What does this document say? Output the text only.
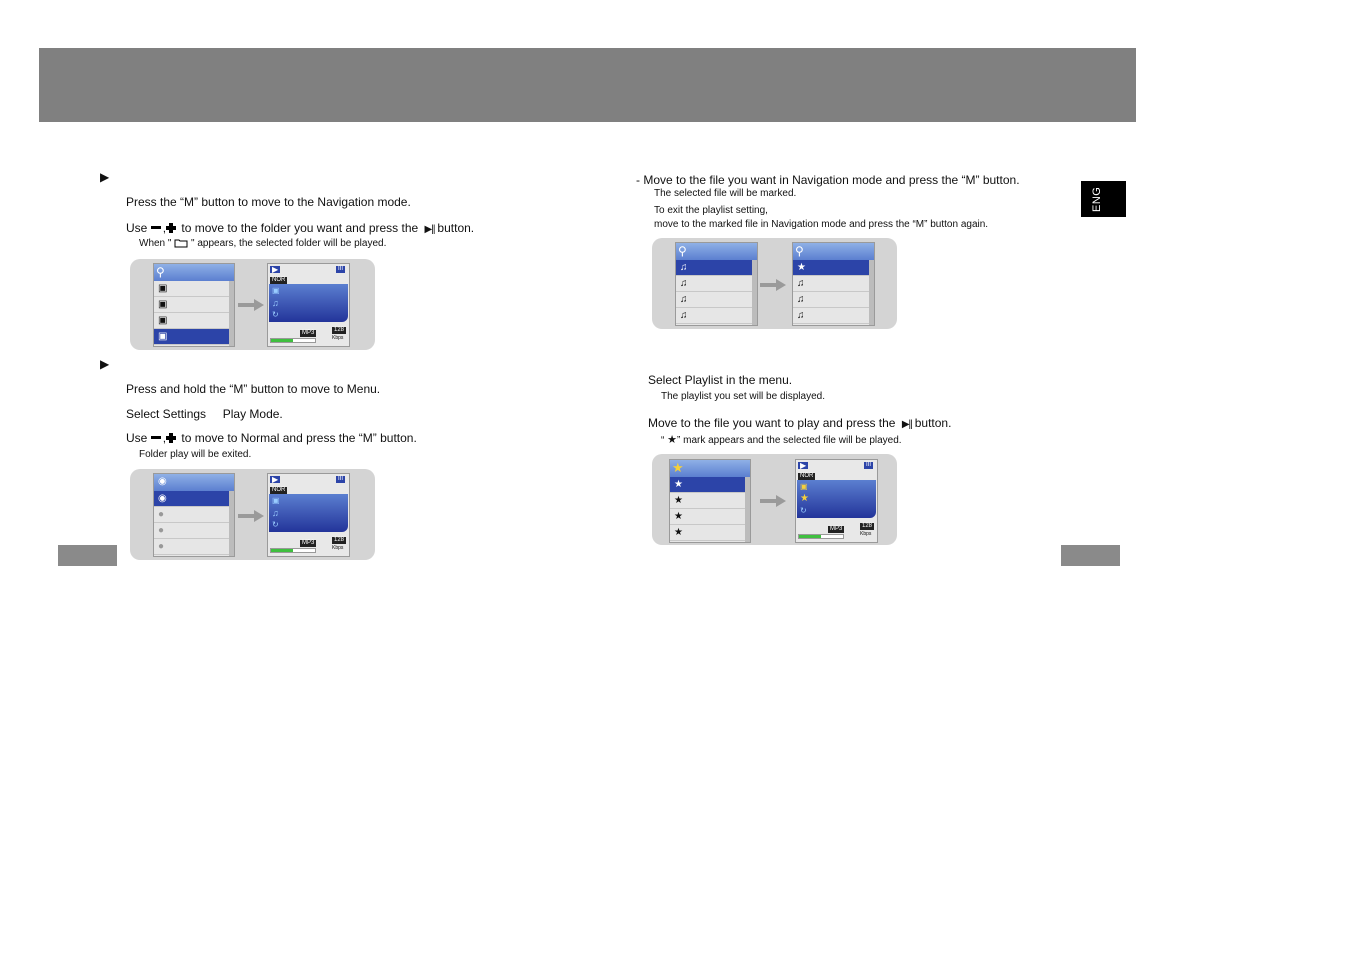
ENG
▶
Press the “M” button to move to the Navigation mode.
Use , to move to the folder you want and press the ▶|| button.
When " " appears, the selected folder will be played.
⚲
▣
▣
▣
▣
▶
NOR
III
▣
♫
↻
MP3	128
Kbps
▶
Press and hold the “M” button to move to Menu.
Select Settings Play Mode.
Use , to move to Normal and press the “M” button.
Folder play will be exited.
◉
◉
●
●
●
▶
NOR
III
▣
♫
↻
MP3	128
Kbps
- Move to the file you want in Navigation mode and press the “M” button.
The selected file will be marked.
To exit the playlist setting,
move to the marked file in Navigation mode and press the “M” button again.
⚲
♫
♫
♫
♫
⚲
★
♫
♫
♫
Select Playlist in the menu.
The playlist you set will be displayed.
Move to the file you want to play and press the ▶|| button.
“ ★” mark appears and the selected file will be played.
★
★
★
★
★
▶
NOR
III
▣
★
↻
MP3	128
Kbps
